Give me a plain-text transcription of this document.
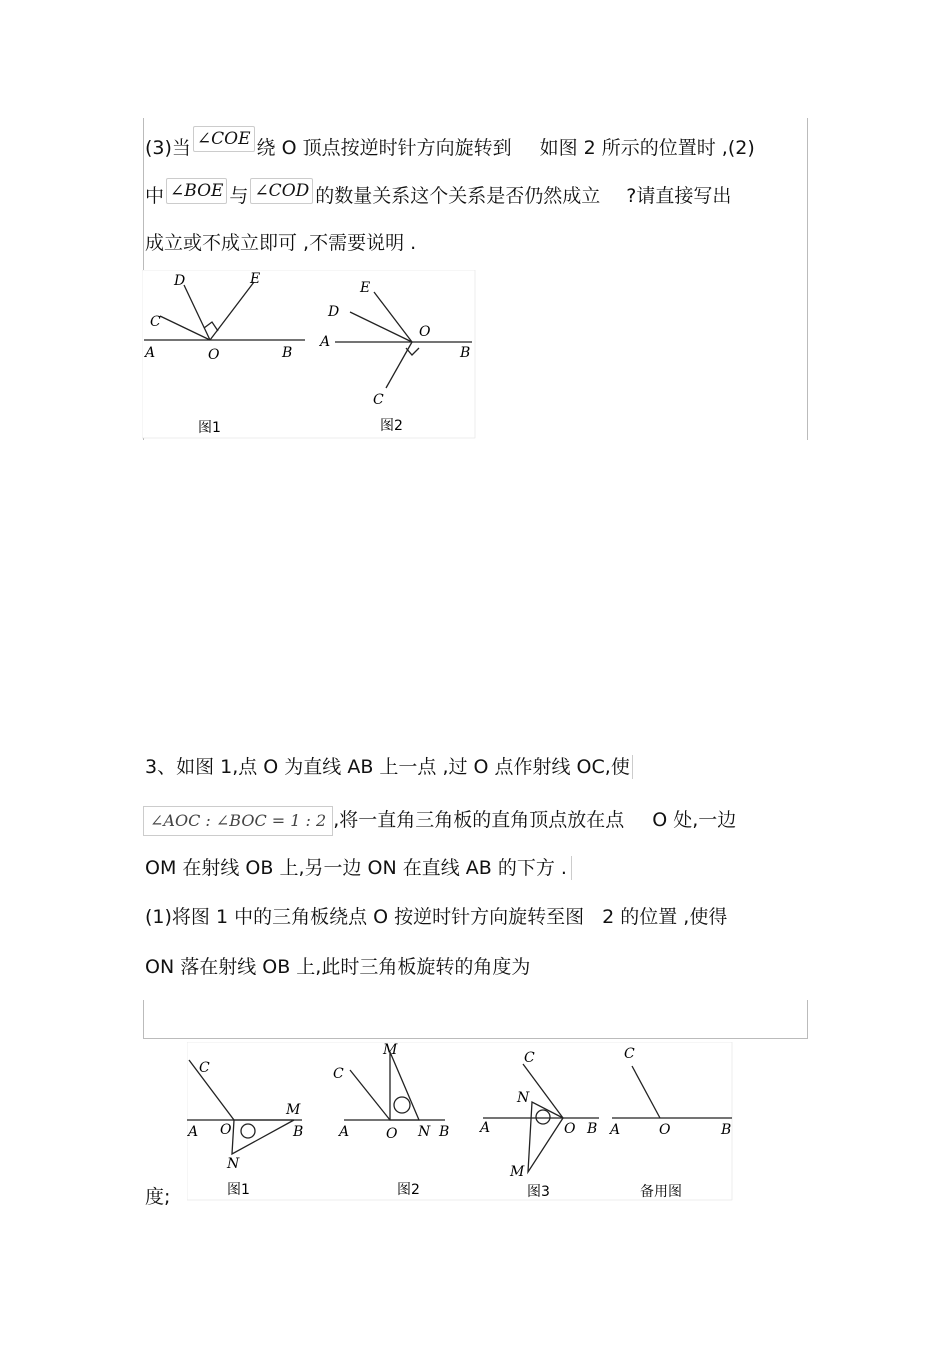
(3)当 ∠COE 绕 O 顶点按逆时针方向旋转到 如图 2 所示的位置时 ,(2)
中 ∠BOE 与 ∠COD 的数量关系这个关系是否仍然成立 ?请直接写出
成立或不成立即可 ,不需要说明 .
A	O	B
C
D	E
图1
A
O
B
C
D
E
图2
3、如图 1,点 O 为直线 AB 上一点 ,过 O 点作射线 OC,使
∠AOC : ∠BOC = 1 : 2 ,将一直角三角板的直角顶点放在点 O 处,一边
OM 在射线 OB 上,另一边 ON 在直线 AB 的下方 .
(1)将图 1 中的三角板绕点 O 按逆时针方向旋转至图 2 的位置 ,使得
ON 落在射线 OB 上,此时三角板旋转的角度为
度;
A O	B
C
M
N
图1
A	O N B
C
M
图2
A	O B
C
N
M
图3
A	O	B
C
备用图
